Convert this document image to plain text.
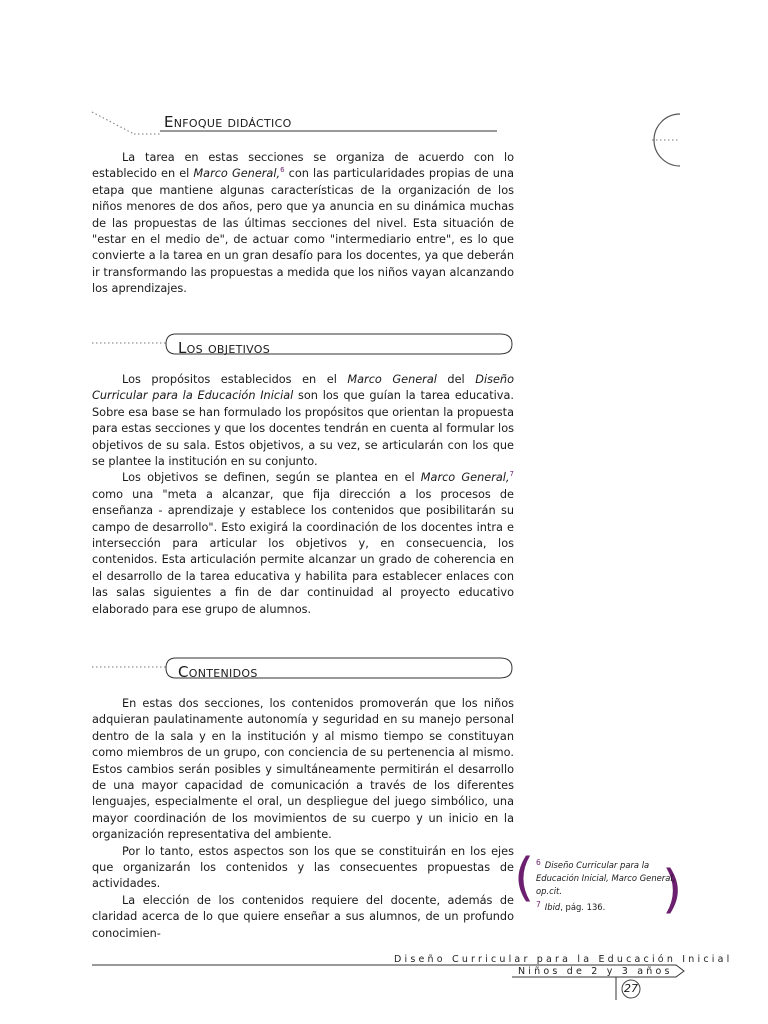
Enfoque didáctico

La tarea en estas secciones se organiza de acuerdo con lo establecido en el Marco General,$^6$ con las particularidades propias de una etapa que mantiene algunas características de la organización de los niños menores de dos años, pero que ya anuncia en su dinámica muchas de las propuestas de las últimas secciones del nivel. Esta situación de "estar en el medio de", de actuar como "intermediario entre", es lo que convierte a la tarea en un gran desafío para los docentes, ya que deberán ir transformando las propuestas a medida que los niños vayan alcanzando los aprendizajes.

Los objetivos

Los propósitos establecidos en el Marco General del Diseño Curricular para la Educación Inicial son los que guían la tarea educativa. Sobre esa base se han formulado los propósitos que orientan la propuesta para estas secciones y que los docentes tendrán en cuenta al formular los objetivos de su sala. Estos objetivos, a su vez, se articularán con los que se plantee la institución en su conjunto.

Los objetivos se definen, según se plantea en el Marco General,$^7$ como una "meta a alcanzar, que fija dirección a los procesos de enseñanza - aprendizaje y establece los contenidos que posibilitarán su campo de desarrollo". Esto exigirá la coordinación de los docentes intra e intersección para articular los objetivos y, en consecuencia, los contenidos. Esta articulación permite alcanzar un grado de coherencia en el desarrollo de la tarea educativa y habilita para establecer enlaces con las salas siguientes a fin de dar continuidad al proyecto educativo elaborado para ese grupo de alumnos.

Contenidos

En estas dos secciones, los contenidos promoverán que los niños adquieran paulatinamente autonomía y seguridad en su manejo personal dentro de la sala y en la institución y al mismo tiempo se constituyan como miembros de un grupo, con conciencia de su pertenencia al mismo. Estos cambios serán posibles y simultáneamente permitirán el desarrollo de una mayor capacidad de comunicación a través de los diferentes lenguajes, especialmente el oral, un despliegue del juego simbólico, una mayor coordinación de los movimientos de su cuerpo y un inicio en la organización representativa del ambiente.

Por lo tanto, estos aspectos son los que se constituirán en los ejes que organizarán los contenidos y las consecuentes propuestas de actividades.

La elección de los contenidos requiere del docente, además de claridad acerca de lo que quiere enseñar a sus alumnos, de un profundo conocimien-

( )
6 Diseño Curricular para la Educación Inicial, Marco General, op.cit.
7 Ibid, pág. 136.
Diseño Curricular para la Educación Inicial
Niños de 2 y 3 años
27
